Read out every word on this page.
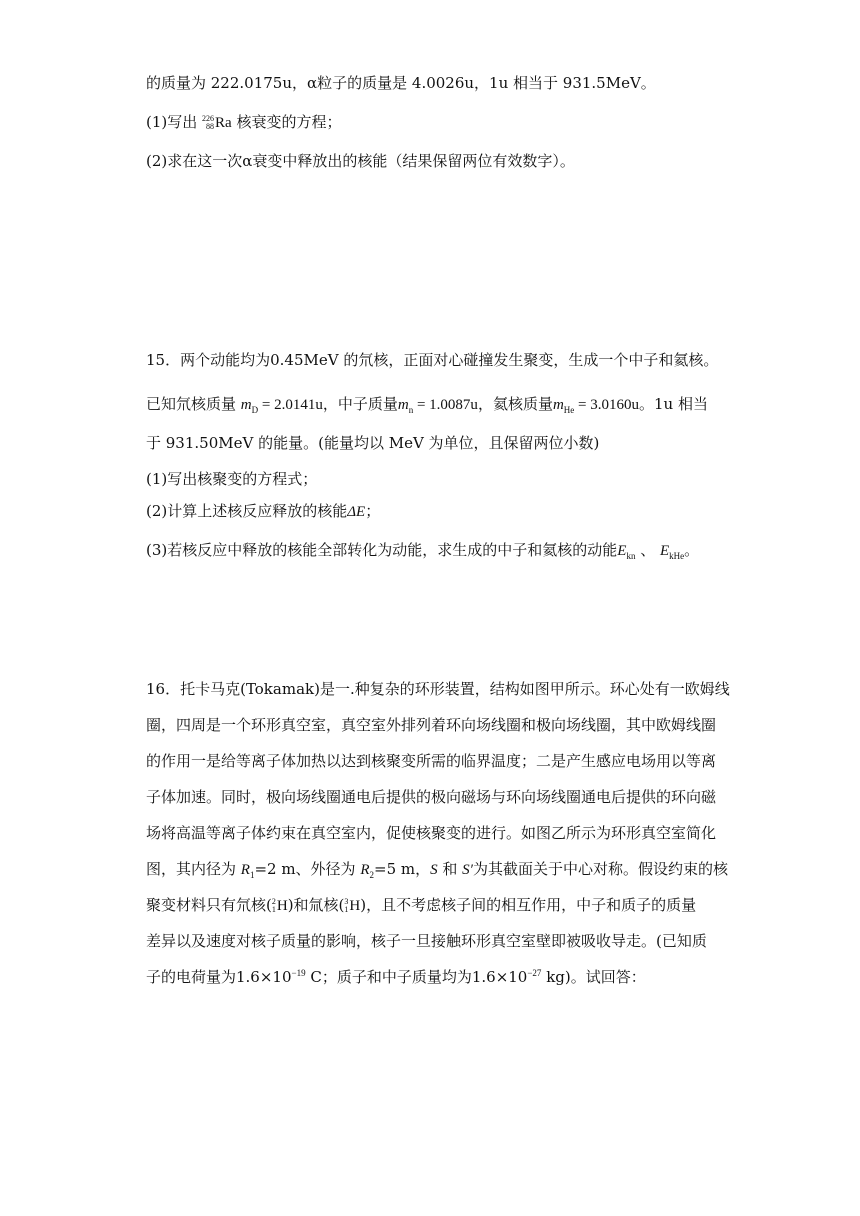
的质量为 222.0175u，α粒子的质量是 4.0026u，1u 相当于 931.5MeV。
(1)写出 226
88 Ra 核衰变的方程；
(2)求在这一次α衰变中释放出的核能（结果保留两位有效数字）。
15．两个动能均为0.45MeV 的氘核，正面对心碰撞发生聚变，生成一个中子和氦核。
已知氘核质量 $m_D = 2.0141u$，中子质量$m_n = 1.0087u$，氦核质量$m_{He} = 3.0160u$。1u 相当
于 931.50MeV 的能量。(能量均以 MeV 为单位，且保留两位小数)
(1)写出核聚变的方程式；
(2)计算上述核反应释放的核能ΔE；
(3)若核反应中释放的核能全部转化为动能，求生成的中子和氦核的动能$E_{kn}$ 、 $E_{kHe}$。
16．托卡马克(Tokamak)是一.种复杂的环形装置，结构如图甲所示。环心处有一欧姆线
圈，四周是一个环形真空室，真空室外排列着环向场线圈和极向场线圈，其中欧姆线圈
的作用一是给等离子体加热以达到核聚变所需的临界温度；二是产生感应电场用以等离
子体加速。同时，极向场线圈通电后提供的极向磁场与环向场线圈通电后提供的环向磁
场将高温等离子体约束在真空室内，促使核聚变的进行。如图乙所示为环形真空室简化
图，其内径为 $R_1=2$ m、外径为 $R_2=5$ m，S 和 S′为其截面关于中心对称。假设约束的核
聚变材料只有氘核( 2
1 H)和氚核( 3
1 H)，且不考虑核子间的相互作用，中子和质子的质量
差异以及速度对核子质量的影响，核子一旦接触环形真空室壁即被吸收导走。(已知质
子的电荷量为$1.6\times 10^{-19}$ C；质子和中子质量均为$1.6\times 10^{-27}$ kg)。试回答：
